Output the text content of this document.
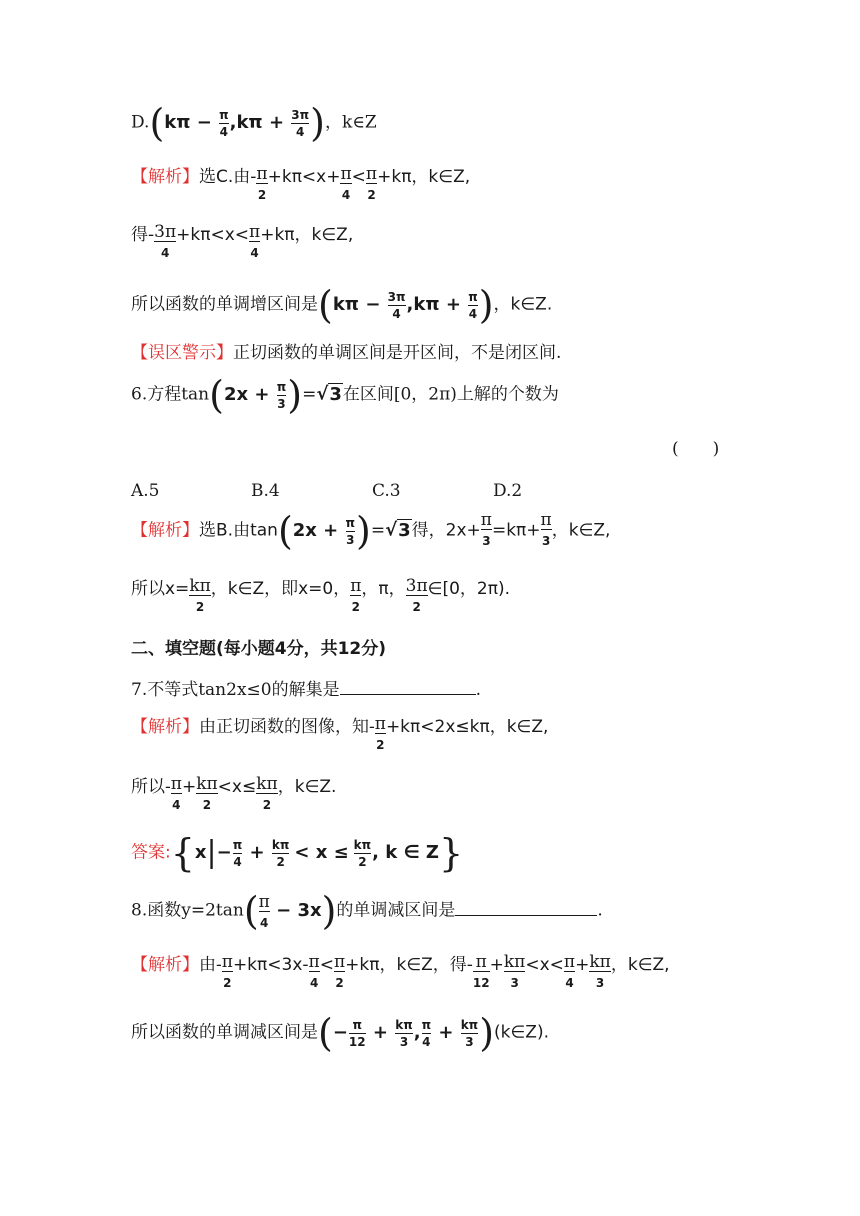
$D.(k\pi - \frac{\pi}{4} ,k\pi + \frac{3\pi}{4}$ )，k∈Z
【解析】选C.由- π
2
+kπ<x+ π
4
< π
2
+kπ，k∈Z,
得- 3π
4
+kπ<x< π
4
+kπ，k∈Z,
所以函数的单调增区间是($k\pi - \frac{3\pi}{4} ,k\pi + \frac{\pi}{4}$ )，k∈Z.
【误区警示】正切函数的单调区间是开区间，不是闭区间.
6.方程$\tan(2x + \frac{\pi}{3} )=√3$在区间[0，2π)上解的个数为
(　　)
A.5	B.4	C.3	D.2
【解析】选B.由$\tan(2x + \frac{\pi}{3} )=√3$得，2x+
π
3
=kπ+
π
3
，k∈Z,
所以x= kπ
2
，k∈Z，即x=0， π
2
，π， 3π
2
∈[0，2π).
二、填空题(每小题4分，共12分)
7.不等式tan2x≤0的解集是	.
【解析】由正切函数的图像，知- π
2
+kπ<2x≤kπ，k∈Z,
所以- π
4
+ kπ
2
<x≤ kπ
2
，k∈Z.
答案:{x|− $\frac{\pi}{4} + \frac{k\pi}{2} < x \le \frac{k\pi}{2}$ , k ∈ Z}
8.函数y=2tan( π
4
− 3x)的单调减区间是	.
【解析】由- π
2
+kπ<3x- π
4
< π
2
+kπ，k∈Z，得- π
12
+ kπ
3
<x< π
4
+ kπ
3
，k∈Z,
所以函数的单调减区间是(− $\frac{\pi}{12} + \frac{k\pi}{3}$ , $\frac{\pi}{4} + \frac{k\pi}{3}$ )(k∈Z).
